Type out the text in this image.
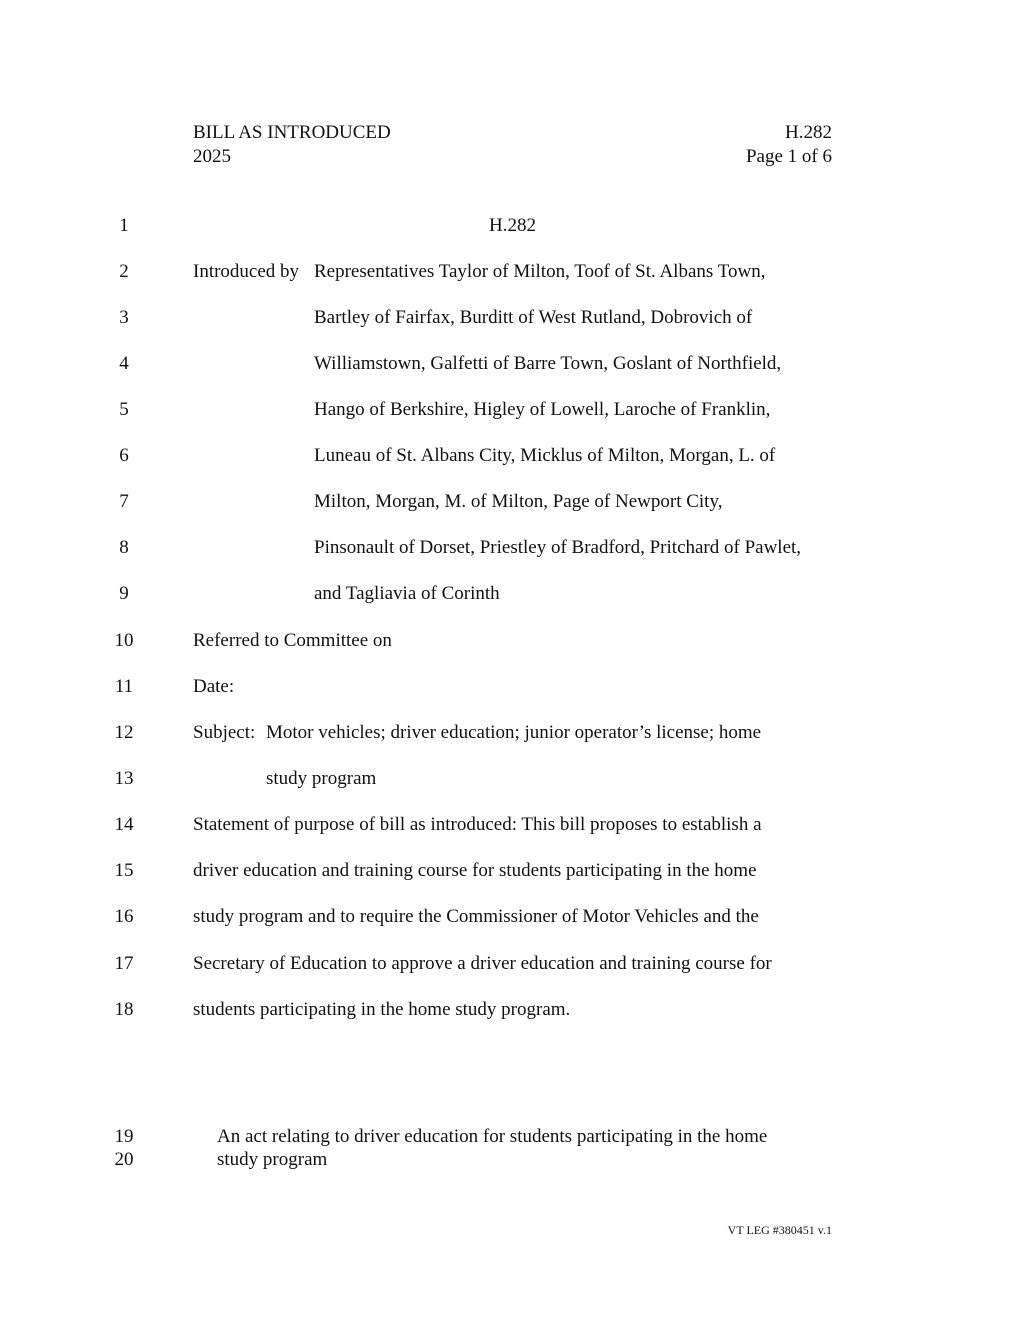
BILL AS INTRODUCED
2025
H.282
Page 1 of 6
1
2
3
4
5
6
7
8
9
10
11
12
13
14
15
16
17
18
19
20
H.282
Introduced by Representatives Taylor of Milton, Toof of St. Albans Town,
Bartley of Fairfax, Burditt of West Rutland, Dobrovich of
Williamstown, Galfetti of Barre Town, Goslant of Northfield,
Hango of Berkshire, Higley of Lowell, Laroche of Franklin,
Luneau of St. Albans City, Micklus of Milton, Morgan, L. of
Milton, Morgan, M. of Milton, Page of Newport City,
Pinsonault of Dorset, Priestley of Bradford, Pritchard of Pawlet,
and Tagliavia of Corinth
Referred to Committee on
Date:
Subject: Motor vehicles; driver education; junior operator’s license; home
study program
Statement of purpose of bill as introduced: This bill proposes to establish a
driver education and training course for students participating in the home
study program and to require the Commissioner of Motor Vehicles and the
Secretary of Education to approve a driver education and training course for
students participating in the home study program.
An act relating to driver education for students participating in the home
study program
VT LEG #380451 v.1
